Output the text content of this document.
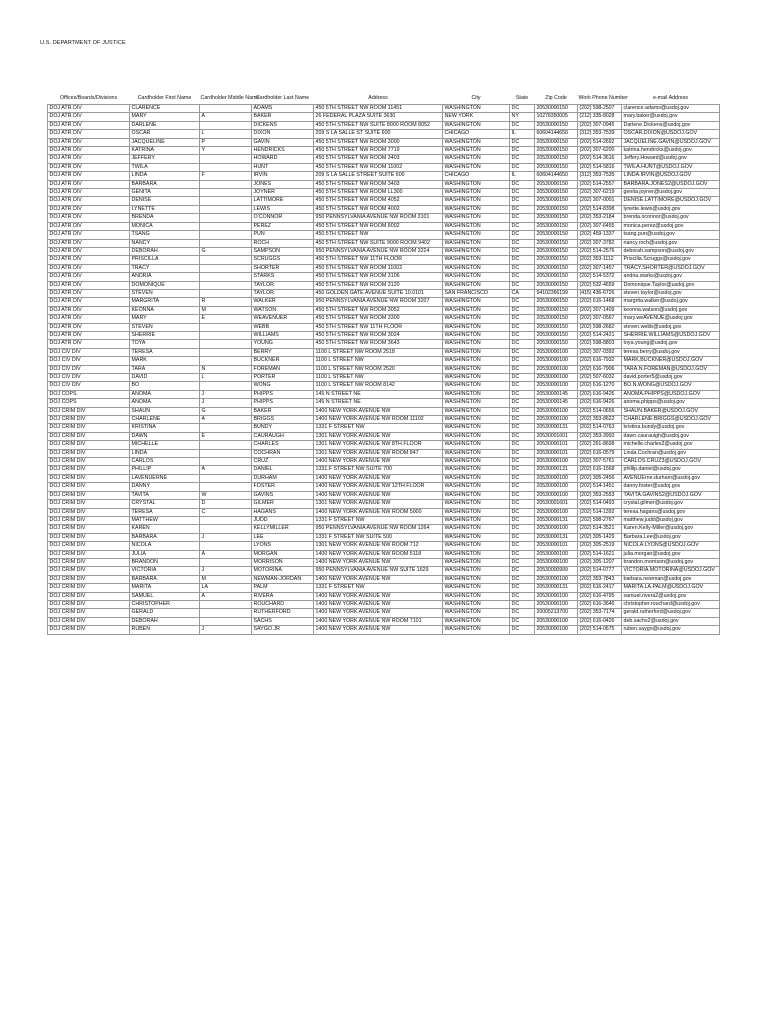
U.S. DEPARTMENT OF JUSTICE
Offices/Boards/Divisions	Cardholder First Name	Cardholder Middle Name	Cardholder Last Name	Address	City	State	Zip Code	Work Phone Number	e-mail Address
DOJ ATR DIV	CLARENCE		ADAMS	450 5TH STREET NW ROOM 11451	WASHINGTON	DC	20530000150	(202) 598-2507	clarence.adams@usdoj.gov
DOJ ATR DIV	MARY	A	BAKER	26 FEDERAL PLAZA SUITE 3630	NEW YORK	NY	10278350005	(212) 335-8028	mary.baker@usdoj.gov
DOJ ATR DIV	DARLENE		DICKENS	450 5TH STREET NW SUITE 8000 ROOM 8052	WASHINGTON	DC	20530000150	(202) 307-0945	Darlene.Dickens@usdoj.gov
DOJ ATR DIV	OSCAR	L	DIXON	209 S LA SALLE ST SUITE 600	CHICAGO	IL	60604144650	(312) 353-7539	OSCAR.DIXON@USDOJ.GOV
DOJ ATR DIV	JACQUELINE	P	GAVIN	450 5TH STREET NW ROOM 3000	WASHINGTON	DC	20530000150	(202) 514-2692	JACQUELINE.GAVIN@USDOJ.GOV
DOJ ATR DIV	KATRINA	Y	HENDRICKS	450 5TH STREET NW ROOM 7719	WASHINGTON	DC	20530000150	(202) 307-6200	katrina.hendricks@usdoj.gov
DOJ ATR DIV	JEFFERY		HOWARD	450 5TH STREET NW ROOM 3403	WASHINGTON	DC	20530000150	(202) 514-3616	Jeffery.Howard@usdoj.gov
DOJ ATR DIV	TWILA		HUNT	450 5TH STREET NW ROOM 11002	WASHINGTON	DC	20530000150	(202) 514-5816	TWILA.HUNT@USDOJ.GOV
DOJ ATR DIV	LINDA	F	IRVIN	209 S LA SALLE STREET SUITE 600	CHICAGO	IL	60604144650	(312) 353-7535	LINDA.IRVIN@USDOJ.GOV
DOJ ATR DIV	BARBARA		JONES	450 5TH STREET NW ROOM 3403	WASHINGTON	DC	20530000150	(202) 514-2557	BARBARA.JONES2@USDOJ.GOV
DOJ ATR DIV	GENITA		JOYNER	450 5TH STREET NW ROOM LL300	WASHINGTON	DC	20530000150	(202) 307-6219	genita.joyner@usdoj.gov
DOJ ATR DIV	DENISE		LATTIMORE	450 5TH STREET NW ROOM 4052	WASHINGTON	DC	20530000150	(202) 307-0001	DENISE.LATTIMORE@USDOJ.GOV
DOJ ATR DIV	LYNETTE		LEWIS	450 5TH STREET NW ROOM 4002	WASHINGTON	DC	20530000150	(202) 514-8398	lynette.lewis@usdoj.gov
DOJ ATR DIV	BRENDA		O'CONNOR	950 PENNSYLVANIA AVENUE NW ROOM 3101	WASHINGTON	DC	20530000150	(202) 353-2184	brenda.oconnor@usdoj.gov
DOJ ATR DIV	MONICA		PEREZ	450 5TH STREET NW ROOM 8002	WASHINGTON	DC	20530000150	(202) 307-6455	monica.perez@usdoj.gov
DOJ ATR DIV	TSANG		PUN	450 5TH STREET NW	WASHINGTON	DC	20530000150	(202) 459-1337	tsang.pun@usdoj.gov
DOJ ATR DIV	NANCY		ROCH	450 5TH STREET NW SUITE 9000 ROOM 9402	WASHINGTON	DC	20530000150	(202) 307-3782	nancy.roch@usdoj.gov
DOJ ATR DIV	DEBORAH	G	SAMPSON	950 PENNSYLVANIA AVENUE NW ROOM 3224	WASHINGTON	DC	20530000150	(202) 514-2576	deborah.sampson@usdoj.gov
DOJ ATR DIV	PRISCILLA		SCRUGGS	450 5TH STREET NW 11TH FLOOR	WASHINGTON	DC	20530000150	(202) 353-1112	Priscilla.Scruggs@usdoj.gov
DOJ ATR DIV	TRACY		SHORTER	450 5TH STREET NW ROOM 11002	WASHINGTON	DC	20530000150	(202) 307-1457	TRACY.SHORTER@USDOJ.GOV
DOJ ATR DIV	ANDRIA		STARKS	450 5TH STREET NW ROOM 3106	WASHINGTON	DC	20530000150	(202) 514-5372	andria.starks@usdoj.gov
DOJ ATR DIV	DOMONIQUE		TAYLOR	450 5TH STREET NW ROOM 3120	WASHINGTON	DC	20530000150	(202) 532-4659	Domonique.Taylor@usdoj.gov
DOJ ATR DIV	STEVEN		TAYLOR	450 GOLDEN GATE AVENUE SUITE 10.0101	SAN FRANCISCO	CA	94102366199	(415) 436-6726	steven.taylor@usdoj.gov
DOJ ATR DIV	MARGRITA	R	WALKER	950 PENNSYLVANIA AVENUE NW ROOM 3207	WASHINGTON	DC	20530000150	(202) 616-1468	margrita.walker@usdoj.gov
DOJ ATR DIV	KEONNA	M	WATSON	450 5TH STREET NW ROOM 3052	WASHINGTON	DC	20530000150	(202) 307-1409	keonna.watson@usdoj.gov
DOJ ATR DIV	MARY	E	WEAVENUER	450 5TH STREET NW ROOM 3300	WASHINGTON	DC	20530000150	(202) 307-0567	mary.weAVENUE@usdoj.gov
DOJ ATR DIV	STEVEN		WEBB	450 5TH STREET NW 11TH FLOOR	WASHINGTON	DC	20530000150	(202) 598-2682	steven.webb@usdoj.gov
DOJ ATR DIV	SHERRIE		WILLIAMS	450 5TH STREET NW ROOM 3024	WASHINGTON	DC	20530000150	(202) 514-2421	SHERRIE.WILLIAMS@USDOJ.GOV
DOJ ATR DIV	TOYA		YOUNG	450 5TH STREET NW ROOM 3643	WASHINGTON	DC	20530000150	(202) 598-8803	toya.young@usdoj.gov
DOJ CIV DIV	TERESA		BERRY	1100 L STREET NW ROOM 2518	WASHINGTON	DC	20530000100	(202) 307-0392	teresa.berry@usdoj.gov
DOJ CIV DIV	MARK		BUCKNER	1100 L STREET NW	WASHINGTON	DC	20530000100	(202) 616-7932	MARK.BUCKNER@USDOJ.GOV
DOJ CIV DIV	TARA	N	FOREMAN	1100 L STREET NW ROOM 2520	WASHINGTON	DC	20530000100	(202) 616-7906	TARA.N.FOREMAN@USDOJ.GOV
DOJ CIV DIV	DAVID	L	PORTER	1100 L STREET NW	WASHINGTON	DC	20530000100	(202) 507-6032	david.porter5@usdoj.gov
DOJ CIV DIV	BO		WONG	1100 L STREET NW ROOM 8142	WASHINGTON	DC	20530000100	(202) 616-1270	BO.N.WONG@USDOJ.GOV
DOJ COPS	ANOMA	J	PHIPPS	145 N STREET NE	WASHINGTON	DC	20530000145	(202) 616-9426	ANOMA.PHIPPS@USDOJ.GOV
DOJ COPS	ANOMA	J	PHIPPS	145 N STREET NE	WASHINGTON	DC	20530000145	(202) 616-9426	anoma.phipps@usdoj.gov
DOJ CRIM DIV	SHAUN	G	BAKER	1400 NEW YORK AVENUE NW	WASHINGTON	DC	20530000100	(202) 514-0656	SHAUN.BAKER@USDOJ.GOV
DOJ CRIM DIV	CHARLENE	A	BRIGGS	1400 NEW YORK AVENUE NW ROOM 11102	WASHINGTON	DC	20530000100	(202) 353-8622	CHARLENE.BRIGGS@USDOJ.GOV
DOJ CRIM DIV	KRISTINA		BUNDY	1331 F STREET NW	WASHINGTON	DC	20530000131	(202) 514-0763	kristina.bundy@usdoj.gov
DOJ CRIM DIV	DAWN	E	CAURAUGH	1301 NEW YORK AVENUE NW	WASHINGTON	DC	20530001601	(202) 353-3993	dawn.caurauigh@usdoj.gov
DOJ CRIM DIV	MICHELLE		CHARLES	1301 NEW YORK AVENUE NW 8TH FLOOR	WASHINGTON	DC	20530000101	(202) 261-8698	michelle.charles2@usdoj.gov
DOJ CRIM DIV	LINDA		COCHRAN	1301 NEW YORK AVENUE NW ROOM 847	WASHINGTON	DC	20530000101	(202) 616-0579	Linda.Cochran@usdoj.gov
DOJ CRIM DIV	CARLOS		CRUZ	1400 NEW YORK AVENUE NW	WASHINGTON	DC	20530000100	(202) 307-5761	CARLOS.CRUZ3@USDOJ.GOV
DOJ CRIM DIV	PHILLIP	A	DANIEL	1331 F STREET NW SUITE 700	WASHINGTON	DC	20530000131	(202) 616-1568	phillip.daniel@usdoj.gov
DOJ CRIM DIV	LAVENUERNE		DURHAM	1400 NEW YORK AVENUE NW	WASHINGTON	DC	20530000100	(202) 305-2456	AVENUErne.durham@usdoj.gov
DOJ CRIM DIV	DANNY		FOSTER	1400 NEW YORK AVENUE NW 12TH FLOOR	WASHINGTON	DC	20530000100	(202) 514-1451	danny.foster@usdoj.gov
DOJ CRIM DIV	TAVITA	W	GAVINS	1400 NEW YORK AVENUE NW	WASHINGTON	DC	20530000100	(202) 353-2553	TAVITA.GAVINS2@USDOJ.GOV
DOJ CRIM DIV	CRYSTAL	D	GILMER	1301 NEW YORK AVENUE NW	WASHINGTON	DC	20530001601	(202) 514-0493	crystal.gilmer@usdoj.gov
DOJ CRIM DIV	TERESA	C	HAGANS	1400 NEW YORK AVENUE NW ROOM 5000	WASHINGTON	DC	20530000100	(202) 514-1392	teresa.hagans@usdoj.gov
DOJ CRIM DIV	MATTHEW		JUDD	1331 F STREET NW	WASHINGTON	DC	20530000131	(202) 598-2767	matthew.judd@usdoj.gov
DOJ CRIM DIV	KAREN		KELLYMILLER	950 PENNSYLVANIA AVENUE NW ROOM 1264	WASHINGTON	DC	20530000100	(202) 514-3521	Karen.Kelly-Miller@usdoj.gov
DOJ CRIM DIV	BARBARA	J	LEE	1331 F STREET NW SUITE 500	WASHINGTON	DC	20530000131	(202) 305-1429	Barbara.Lee@usdoj.gov
DOJ CRIM DIV	NICOLA		LYONS	1301 NEW YORK AVENUE NW ROOM 712	WASHINGTON	DC	20530000101	(202) 305-2519	NICOLA.LYONS@USDOJ.GOV
DOJ CRIM DIV	JULIA	A	MORGAN	1400 NEW YORK AVENUE NW ROOM 5118	WASHINGTON	DC	20530000100	(202) 514-1621	julia.morgan@usdoj.gov
DOJ CRIM DIV	BRANDON		MORRISON	1400 NEW YORK AVENUE NW	WASHINGTON	DC	20530000100	(202) 305-1207	brandon.morrison@usdoj.gov
DOJ CRIM DIV	VICTORIA	J	MOTORINA	950 PENNSYLVANIA AVENUE NW SUITE 1629	WASHINGTON	DC	20530000999	(202) 514-0777	VICTORIA.MOTORINA@USDOJ.GOV
DOJ CRIM DIV	BARBARA	M	NEWMAN-JORDAN	1400 NEW YORK AVENUE NW	WASHINGTON	DC	20530000100	(202) 353-7843	barbara.newman@usdoj.gov
DOJ CRIM DIV	MARITA	LA	PALM	1331 F STREET NW	WASHINGTON	DC	20530000131	(202) 616-2417	MARITA.LA.PALM@USDOJ.GOV
DOJ CRIM DIV	SAMUEL	A	RIVERA	1400 NEW YORK AVENUE NW	WASHINGTON	DC	20530000100	(202) 616-4795	samuel.rivera2@usdoj.gov
DOJ CRIM DIV	CHRISTOPHER		ROUCHARD	1400 NEW YORK AVENUE NW	WASHINGTON	DC	20530000100	(202) 616-3646	christopher.rouchard@usdoj.gov
DOJ CRIM DIV	GERALD		RUTHERFORD	1400 NEW YORK AVENUE NW	WASHINGTON	DC	20005213700	(202) 353-7174	gerald.rutherford@usdoj.gov
DOJ CRIM DIV	DEBORAH		SACHS	1400 NEW YORK AVENUE NW ROOM 7101	WASHINGTON	DC	20530000100	(202) 616-0426	deb.sachs2@usdoj.gov
DOJ CRIM DIV	RUBEN	J	SAYGO JR	1400 NEW YORK AVENUE NW	WASHINGTON	DC	20530000100	(202) 514-0675	ruben.saygo@usdoj.gov
